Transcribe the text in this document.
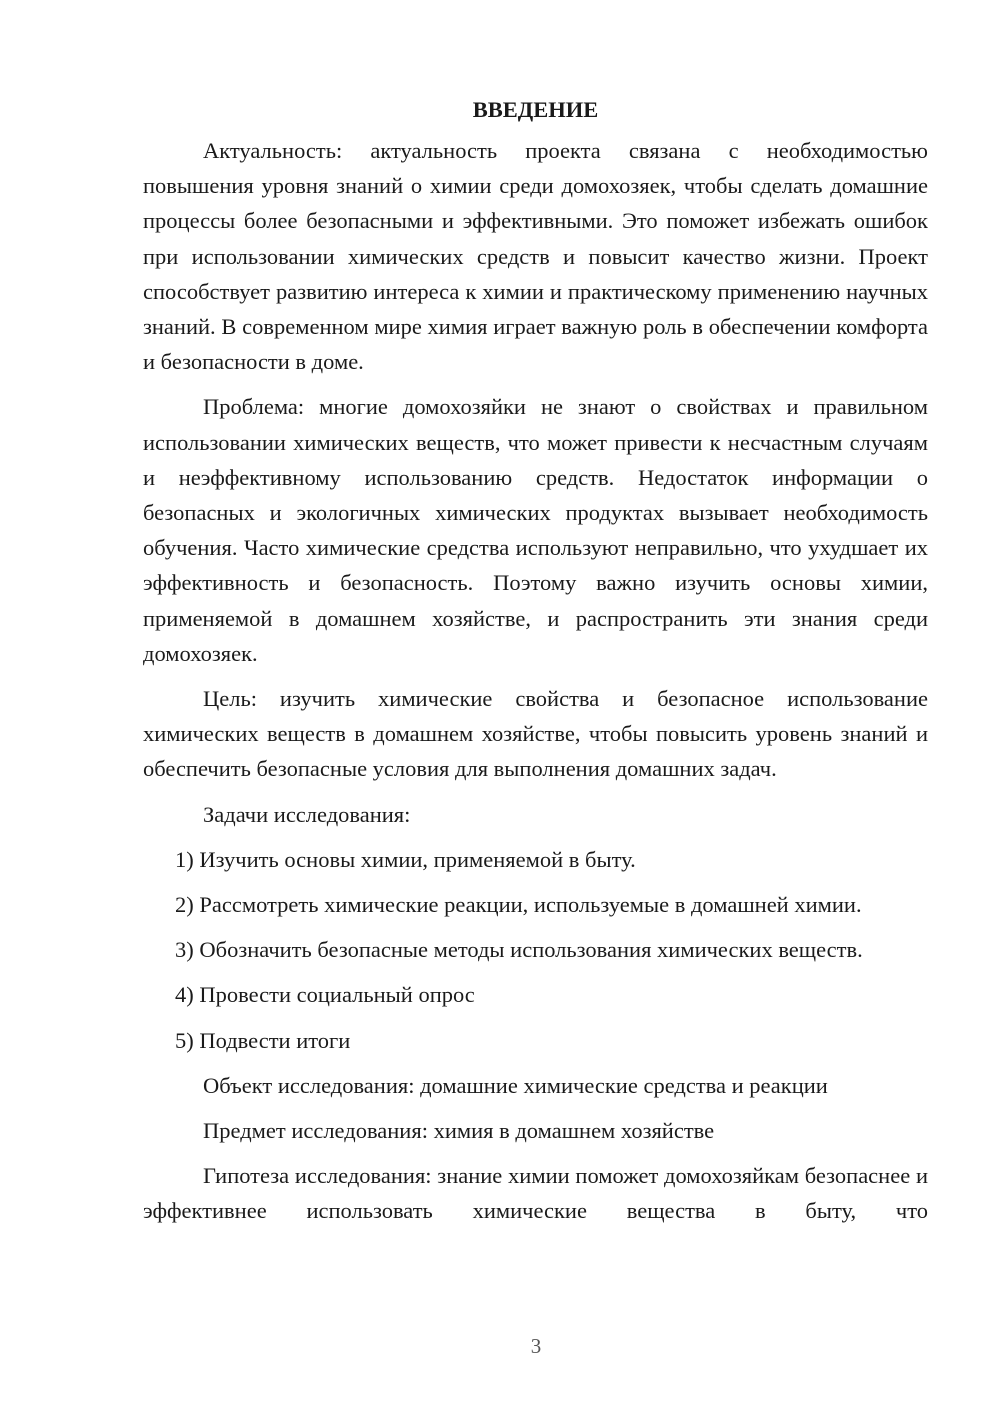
ВВЕДЕНИЕ

Актуальность: актуальность проекта связана с необходимостью повышения уровня знаний о химии среди домохозяек, чтобы сделать домашние процессы более безопасными и эффективными. Это поможет избежать ошибок при использовании химических средств и повысит качество жизни. Проект способствует развитию интереса к химии и практическому применению научных знаний. В современном мире химия играет важную роль в обеспечении комфорта и безопасности в доме.

Проблема: многие домохозяйки не знают о свойствах и правильном использовании химических веществ, что может привести к несчастным случаям и неэффективному использованию средств. Недостаток информации о безопасных и экологичных химических продуктах вызывает необходимость обучения. Часто химические средства используют неправильно, что ухудшает их эффективность и безопасность. Поэтому важно изучить основы химии, применяемой в домашнем хозяйстве, и распространить эти знания среди домохозяек.

Цель: изучить химические свойства и безопасное использование химических веществ в домашнем хозяйстве, чтобы повысить уровень знаний и обеспечить безопасные условия для выполнения домашних задач.

Задачи исследования:
1) Изучить основы химии, применяемой в быту.
2) Рассмотреть химические реакции, используемые в домашней химии.
3) Обозначить безопасные методы использования химических веществ.
4) Провести социальный опрос
5) Подвести итоги
Объект исследования: домашние химические средства и реакции
Предмет исследования: химия в домашнем хозяйстве

Гипотеза исследования: знание химии поможет домохозяйкам безопаснее и эффективнее использовать химические вещества в быту, что

3
